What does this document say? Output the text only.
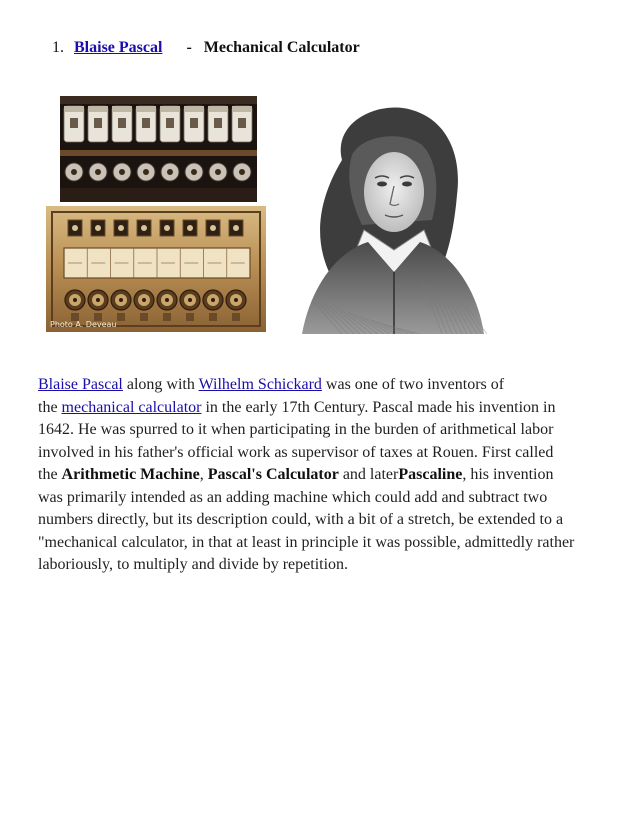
1. Blaise Pascal - Mechanical Calculator
Photo A. Deveau

Blaise Pascal along with Wilhelm Schickard was one of two inventors of

the mechanical calculator in the early 17th Century. Pascal made his invention in

1642. He was spurred to it when participating in the burden of arithmetical labor

involved in his father's official work as supervisor of taxes at Rouen. First called

the Arithmetic Machine, Pascal's Calculator and laterPascaline, his invention

was primarily intended as an adding machine which could add and subtract two

numbers directly, but its description could, with a bit of a stretch, be extended to a

"mechanical calculator, in that at least in principle it was possible, admittedly rather

laboriously, to multiply and divide by repetition.
